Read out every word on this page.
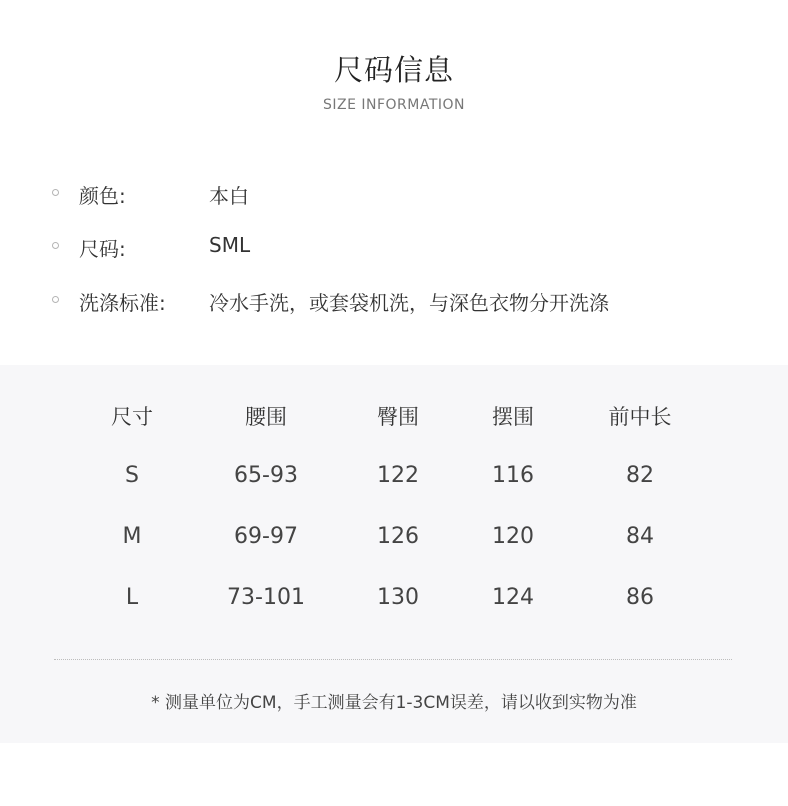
尺码信息
SIZE INFORMATION
颜色:	本白
尺码:	SML
洗涤标准: 冷水手洗，或套袋机洗，与深色衣物分开洗涤
尺寸	腰围	臀围	摆围	前中长
S	65-93	122	116	82
M	69-97	126	120	84
L	73-101	130	124	86
* 测量单位为CM，手工测量会有1-3CM误差，请以收到实物为准
